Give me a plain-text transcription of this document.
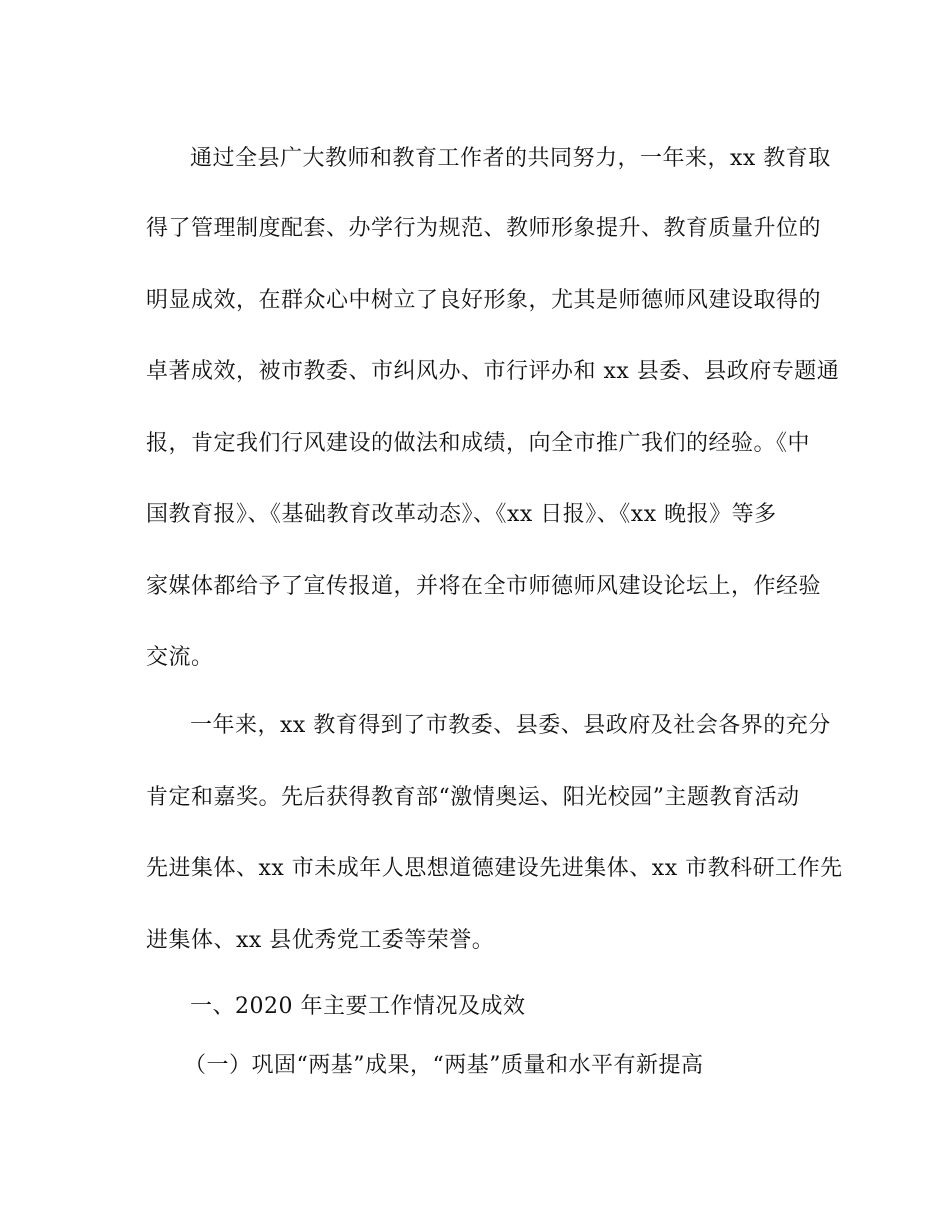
通过全县广大教师和教育工作者的共同努力，一年来，xx 教育取
得了管理制度配套、办学行为规范、教师形象提升、教育质量升位的
明显成效，在群众心中树立了良好形象，尤其是师德师风建设取得的
卓著成效，被市教委、市纠风办、市行评办和 xx 县委、县政府专题通
报，肯定我们行风建设的做法和成绩，向全市推广我们的经验。《中
国教育报》、《基础教育改革动态》、《xx 日报》、《xx 晚报》等多
家媒体都给予了宣传报道，并将在全市师德师风建设论坛上，作经验
交流。
一年来，xx 教育得到了市教委、县委、县政府及社会各界的充分
肯定和嘉奖。先后获得教育部“激情奥运、阳光校园”主题教育活动
先进集体、xx 市未成年人思想道德建设先进集体、xx 市教科研工作先
进集体、xx 县优秀党工委等荣誉。
一、2020 年主要工作情况及成效
（一）巩固“两基”成果，“两基”质量和水平有新提高
